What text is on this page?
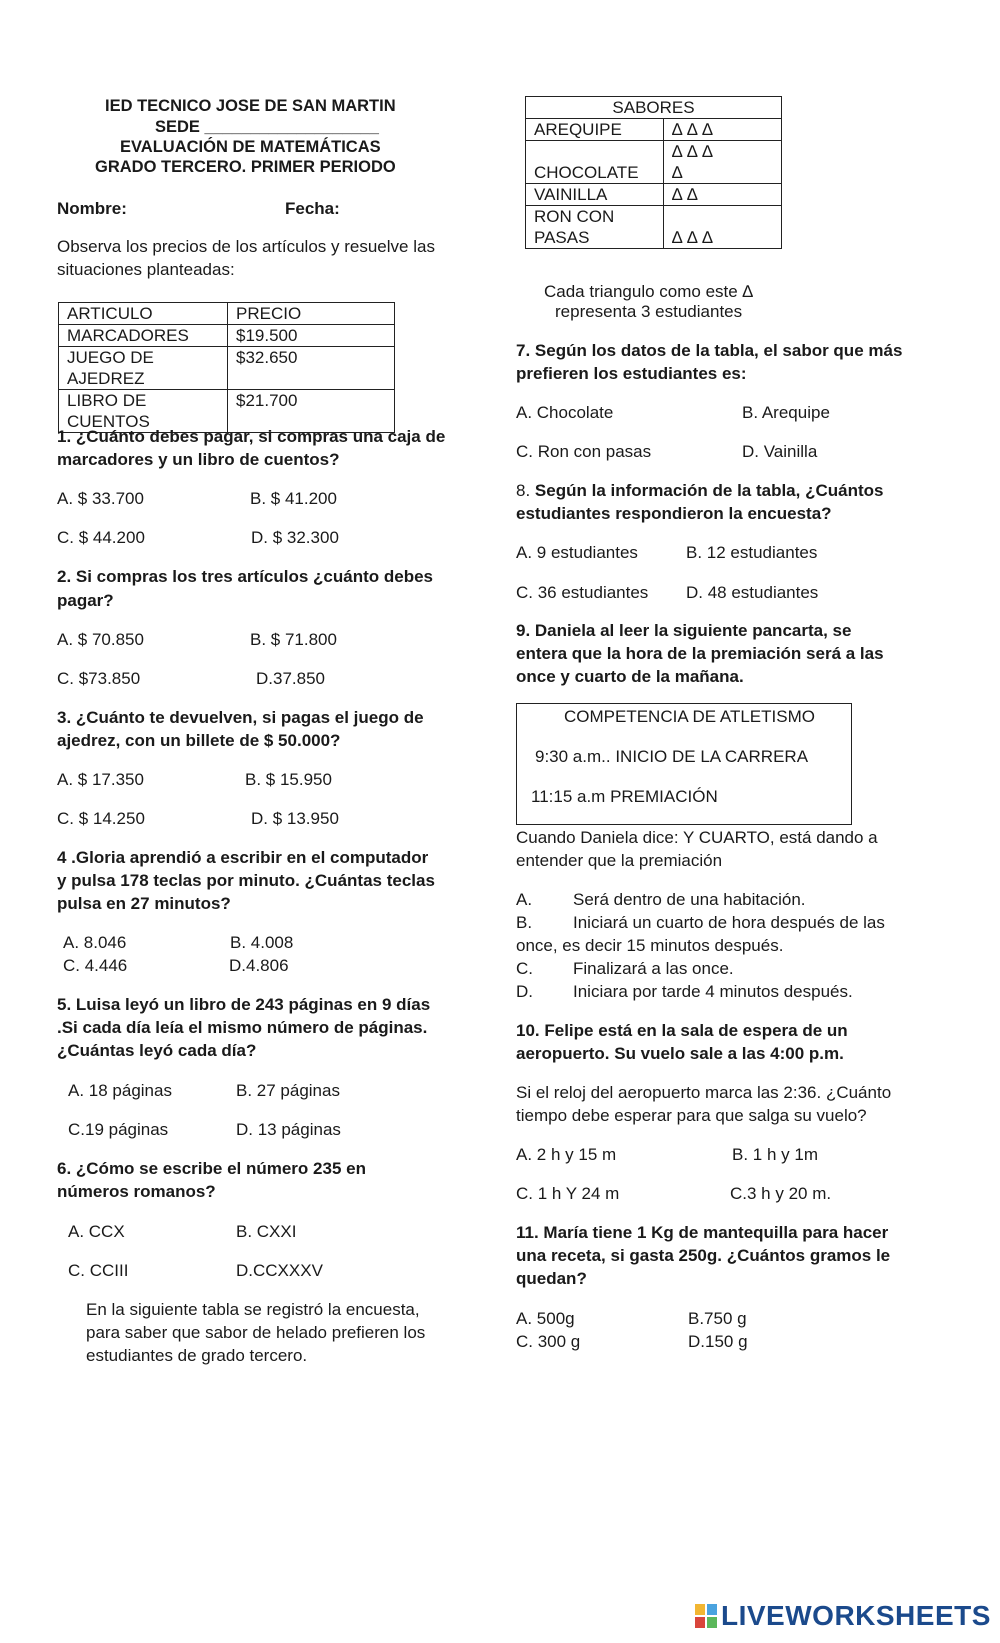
IED TECNICO JOSE DE SAN MARTIN
SEDE ___________________
EVALUACIÓN DE MATEMÁTICAS
GRADO TERCERO. PRIMER PERIODO
Nombre:	Fecha:
Observa los precios de los artículos y resuelve las
situaciones planteadas:
ARTICULO	PRECIO
MARCADORES	$19.500
JUEGO DE
AJEDREZ	$32.650
LIBRO DE
CUENTOS	$21.700
1. ¿Cuánto debes pagar, si compras una caja de
marcadores y un libro de cuentos?
A. $ 33.700	B. $ 41.200
C. $ 44.200	D. $ 32.300
2. Si compras los tres artículos ¿cuánto debes
pagar?
A. $ 70.850	B. $ 71.800
C. $73.850	D.37.850
3. ¿Cuánto te devuelven, si pagas el juego de
ajedrez, con un billete de $ 50.000?
A. $ 17.350	B. $ 15.950
C. $ 14.250	D. $ 13.950
4 .Gloria aprendió a escribir en el computador
y pulsa 178 teclas por minuto. ¿Cuántas teclas
pulsa en 27 minutos?
A. 8.046	B. 4.008
C. 4.446	D.4.806
5. Luisa leyó un libro de 243 páginas en 9 días
.Si cada día leía el mismo número de páginas.
¿Cuántas leyó cada día?
A. 18 páginas	B. 27 páginas
C.19 páginas	D. 13 páginas
6. ¿Cómo se escribe el número 235 en
números romanos?
A. CCX	B. CXXI
C. CCIII	D.CCXXXV
En la siguiente tabla se registró la encuesta,
para saber que sabor de helado prefieren los
estudiantes de grado tercero.
SABORES	
AREQUIPE	∆ ∆ ∆

CHOCOLATE	∆ ∆ ∆
∆
VAINILLA	∆ ∆
RON CON
PASAS	∆ ∆ ∆
Cada triangulo como este ∆
representa 3 estudiantes
7. Según los datos de la tabla, el sabor que más
prefieren los estudiantes es:
A. Chocolate	B. Arequipe
C. Ron con pasas	D. Vainilla
8. Según la información de la tabla, ¿Cuántos
estudiantes respondieron la encuesta?
A. 9 estudiantes	B. 12 estudiantes
C. 36 estudiantes D. 48 estudiantes
9. Daniela al leer la siguiente pancarta, se
entera que la hora de la premiación será a las
once y cuarto de la mañana.
COMPETENCIA DE ATLETISMO
9:30 a.m.. INICIO DE LA CARRERA
11:15 a.m PREMIACIÓN
Cuando Daniela dice: Y CUARTO, está dando a
entender que la premiación
A. Será dentro de una habitación.
B. Iniciará un cuarto de hora después de las
once, es decir 15 minutos después.
C. Finalizará a las once.
D. Iniciara por tarde 4 minutos después.
10. Felipe está en la sala de espera de un
aeropuerto. Su vuelo sale a las 4:00 p.m.
Si el reloj del aeropuerto marca las 2:36. ¿Cuánto
tiempo debe esperar para que salga su vuelo?
A. 2 h y 15 m	B. 1 h y 1m
C. 1 h Y 24 m	C.3 h y 20 m.
11. María tiene 1 Kg de mantequilla para hacer
una receta, si gasta 250g. ¿Cuántos gramos le
quedan?
A. 500g	B.750 g
C. 300 g	D.150 g
LIVEWORKSHEETS
